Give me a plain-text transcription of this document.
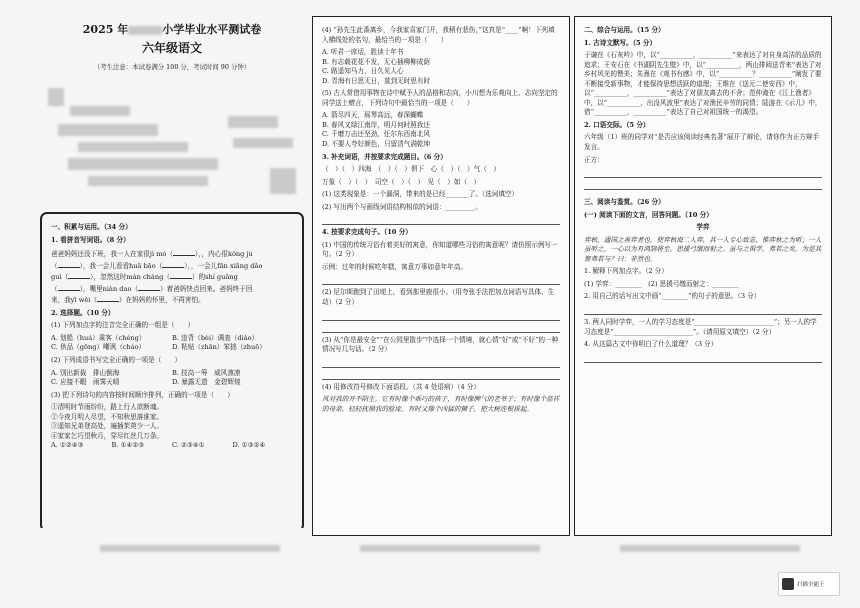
2025 年	小学毕业水平测试卷
六年级语文
（考生注意：本试卷满分 100 分，考试时间 90 分钟）
一、积累与运用。（34 分）
1. 看拼音写词语。（8 分）
爸爸妈妈还没下班，我一人在家很jì mò（	），，内心很kǒng jù
（	），我一会儿看看huā bāo（	），，一会儿fān xiāng dǎo
guì（	），忽然这时màn cháng（	）的shí guāng
（	），嘴里niàn dao（	）着爸妈快点回来。爸妈终于回
来，我yī wěi（	）在妈妈的怀里，不再害怕。
2. 选择题。（10 分）
(1) 下列加点字的注音完全正确的一组是（　　）
A. 划船（huá）乘客（chéng）	B. 违背（bèi）调查（diào）
C. 供品（gōng）嘲讽（cháo）	D. 粘贴（zhān）笨拙（zhuō）
(2) 下列成语书写完全正确的一项是（　　）
A. 别出新裁　排山倒海	B. 技高一筹　威风凛凛
C. 应接不暇　雨霁天晴	D. 暴露无遗　金碧辉煌
(3) 把下列诗句的内容按时间顺序排列，正确的一项是（　　）
①清明时节雨纷纷，路上行人欲断魂。
②今夜月明人尽望，不知秋思落谁家。
③遥知兄弟登高处，遍插茱萸少一人。
④家家乞巧望秋月，穿尽红丝几万条。
A. ①②④③	B. ①④②③	C. ②③④①	D. ①③②④
(4) “孙先生此番离乡，今我家喜家门开，我稍有悲伤，”这真是“____”啊！下列填入横线处的名句，最恰当的一项是（　　）
A. 听君一席话，胜读十年书
B. 有志载花花不发，无心插柳柳成荫
C. 路遥知马力，日久见人心
D. 青海有日思无日，莫到无时思有时
(5) 古人常借用事物在诗中赋予人的品格和志向，小川想为乐观向上、志向坚定的同学送上赠言，下列诗句中最恰当的一项是（　　）
A. 箭尽四天，瑶琴高远，春深蝴蝶
B. 春风又绿江南岸，明月何时照我还
C. 千磨万击还坚劲，任尔东西南北风
D. 不要人夸好颜色，只留清气满乾坤
3. 补充词语，并按要求完成题目。（6 分）
（　）（　）四海　（　）（　）俱下　心（　）（　）气（　）
万象（　）（　）　司空（　）（　）　见（　）如（　）
(1) 这类现象是：一个漏洞，带来的是已经_______了。（选词填空）
(2) 写出两个与画线词语结构相似的词语：_________。
4. 按要求完成句子。（10 分）
(1) 中国的传统习俗有着美好的寓意，你知道哪些习俗的寓意呢？请仿照示例写一句。（2 分）
示例：过年的时候吃年糕，寓意万事如意年年高。
(2) 尼尔斯跑到了田埂上，看到那里鹿很小。（用夸张手法把加点词语写具体、生动）（2 分）
(3) 从“你是最安全”“在公园里散步”中选择一个情境，就心情“好”或“不好”的一种情况写几句话。（2 分）
(4) 用修改符号修改下面语段。（共 4 处语病）（4 分）
风对我的并不陌生。它有时像个乖巧的孩子，有时像脾气的老爷子；有时像个慈祥的母亲，轻轻抚摸我的脸庞。有时又像个凶猛的狮子，把大树连根拔起。
二、综合与运用。（15 分）
1. 古诗文默写。（5 分）
于谦在《石灰吟》中，以“__________，__________”来表达了对自身高洁的品质的追求；王安石在《书湖阴先生壁》中，以“__________，两山排闼送青来”表达了对乡村风光的赞美；朱熹在《观书有感》中，以“__________？__________”阐发了要不断接受新事物，才能保持思想活跃的道理；王维在《送元二使安西》中，以“__________，__________”表达了对朋友离去的不舍；范仲淹在《江上渔者》中，以“__________，出没风波里”表达了对渔民辛劳的同情；陆游在《示儿》中，借“__________，__________”表达了自己对祖国统一的渴望。
2. 口语交际。（5 分）
六年级（1）班的同学对“是否应该阅读经典名著”展开了辩论，请你作为正方辩手发言。
正方：
三、阅读与鉴赏。（26 分）
(一) 阅读下面的文言，回答问题。（10 分）
学弈
弈秋，通国之善弈者也。使弈秋诲二人弈，其一人专心致志，惟弈秋之为听；一人虽听之，一心以为有鸿鹄将至，思援弓缴而射之。虽与之俱学，弗若之矣。为是其智弗若与？曰：非然也。
1. 解释下列加点字。（2 分）
(1) 学弈：________　(2) 思援弓缴而射之：________
2. 用自己的话写出文中画“________”的句子的意思。（3 分）
3. 两人同时学弈，一人的学习态度是“________________________”；另一人的学习态度是“________________________”。（请用原文填空）（2 分）
4. 从这篇古文中你明白了什么道理？（3 分）
扫描全能王
